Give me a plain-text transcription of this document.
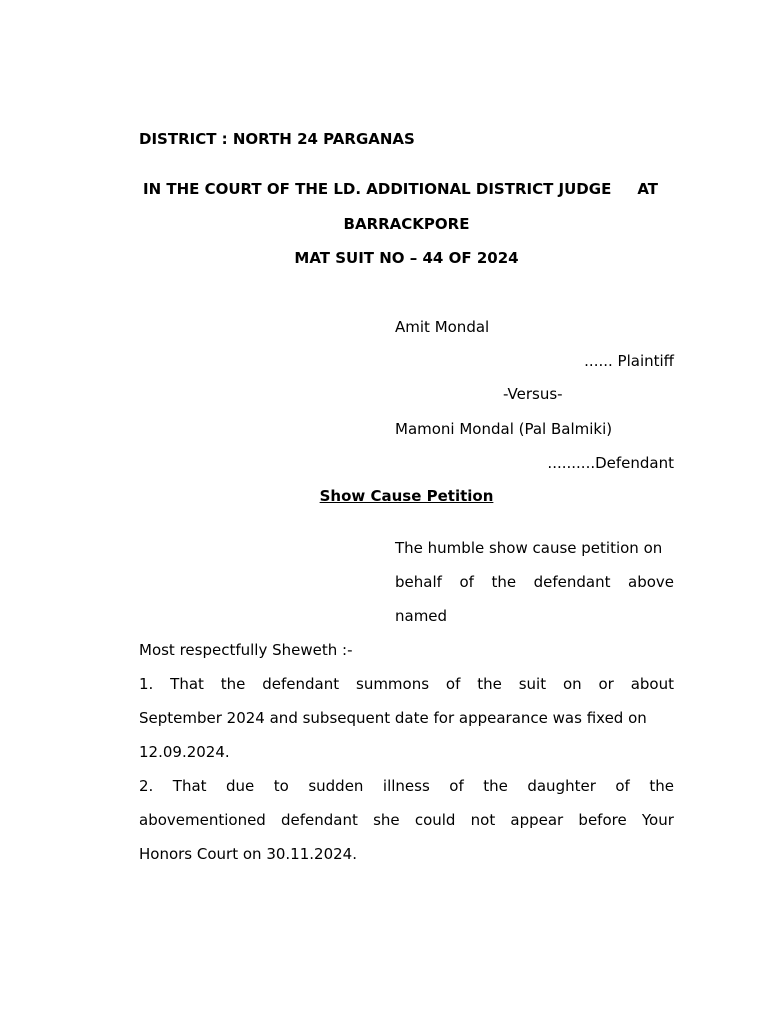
DISTRICT : NORTH 24 PARGANAS
IN THE COURT OF THE LD. ADDITIONAL DISTRICT JUDGE AT
BARRACKPORE
MAT SUIT NO – 44 OF 2024
Amit Mondal
...... Plaintiff
-Versus-
Mamoni Mondal (Pal Balmiki)
..........Defendant
Show Cause Petition
The humble show cause petition on
behalf of the defendant above
named
Most respectfully Sheweth :-
1. That the defendant summons of the suit on or about
September 2024 and subsequent date for appearance was fixed on
12.09.2024.
2. That due to sudden illness of the daughter of the
abovementioned defendant she could not appear before Your
Honors Court on 30.11.2024.
